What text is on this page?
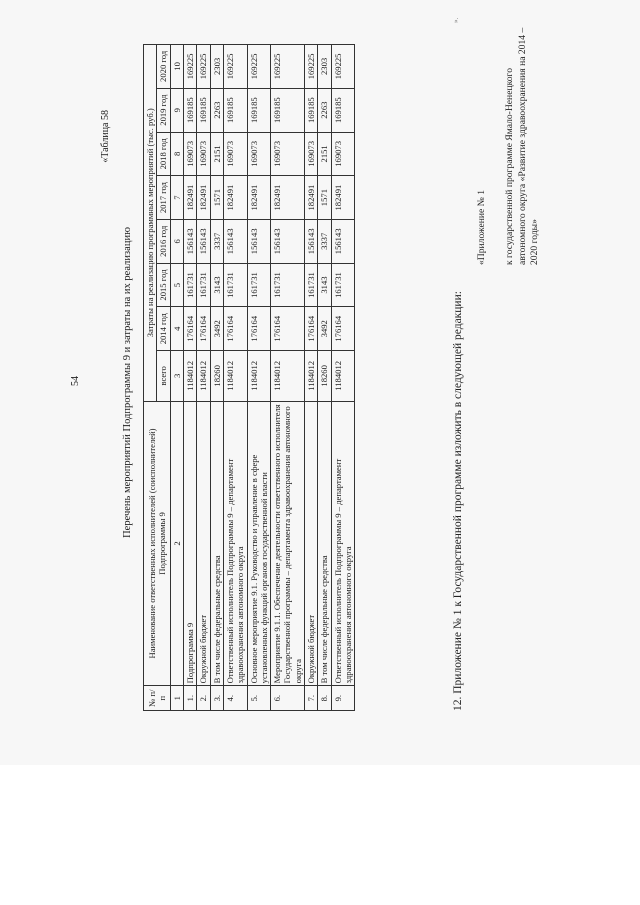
54
«Таблица 58
Перечень мероприятий Подпрограммы 9 и затраты на их реализацию
№ п/п	Наименование ответственных исполнителей (соисполнителей) Подпрограммы 9	Затраты на реализацию программных мероприятий (тыс. руб.)							
		всего	2014 год	2015 год	2016 год	2017 год	2018 год	2019 год	2020 год
1	2	3	4	5	6	7	8	9	10
1.	Подпрограмма 9	1184012	176164	161731	156143	182491	169073	169185	169225
2.	Окружной бюджет	1184012	176164	161731	156143	182491	169073	169185	169225
3.	В том числе федеральные средства	18260	3492	3143	3337	1571	2151	2263	2303
4.	Ответственный исполнитель Подпрограммы 9 – департамент здравоохранения автономного округа	1184012	176164	161731	156143	182491	169073	169185	169225
5.	Основное мероприятие 9.1. Руководство и управление в сфере установленных функций органов государственной власти	1184012	176164	161731	156143	182491	169073	169185	169225
6.	Мероприятие 9.1.1. Обеспечение деятельности ответственного исполнителя Государственной программы – департамента здравоохранения автономного округа	1184012	176164	161731	156143	182491	169073	169185	169225
7.	Окружной бюджет	1184012	176164	161731	156143	182491	169073	169185	169225
8.	В том числе федеральные средства	18260	3492	3143	3337	1571	2151	2263	2303
9.	Ответственный исполнитель Подпрограммы 9 – департамент здравоохранения автономного округа	1184012	176164	161731	156143	182491	169073	169185	169225
12. Приложение № 1 к Государственной программе изложить в следующей редакции:
«Приложение № 1 к государственной программе Ямало-Ненецкого автономного округа «Развитие здравоохранения на 2014 – 2020 годы»
».
